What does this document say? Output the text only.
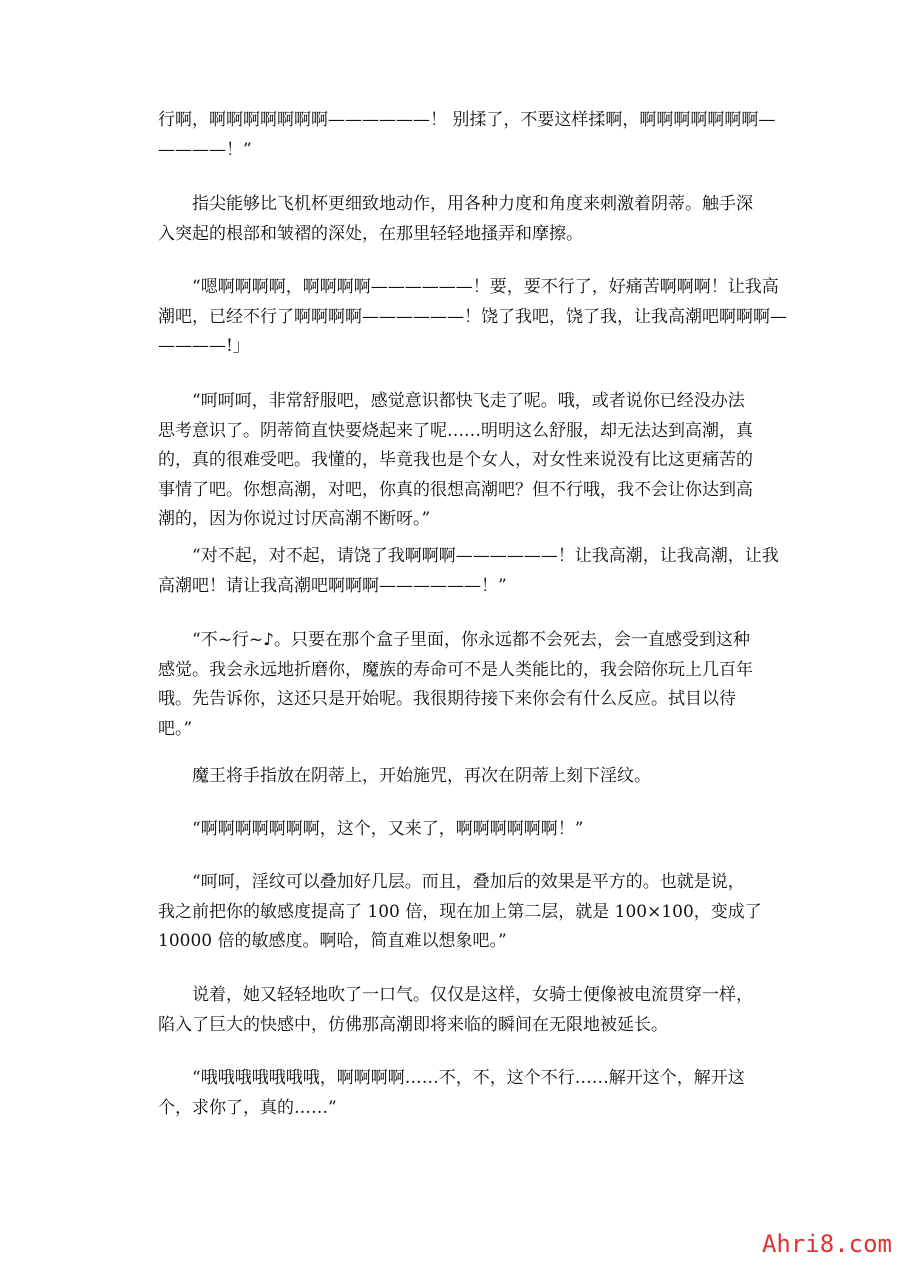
行啊，啊啊啊啊啊啊啊——————！ 别揉了，不要这样揉啊，啊啊啊啊啊啊啊—
————！”
　　指尖能够比飞机杯更细致地动作，用各种力度和角度来刺激着阴蒂。触手深
入突起的根部和皱褶的深处，在那里轻轻地搔弄和摩擦。
　　“嗯啊啊啊啊，啊啊啊啊——————！要，要不行了，好痛苦啊啊啊！让我高
潮吧，已经不行了啊啊啊啊——————！饶了我吧，饶了我，让我高潮吧啊啊啊—
————!」
　　“呵呵呵，非常舒服吧，感觉意识都快飞走了呢。哦，或者说你已经没办法
思考意识了。阴蒂简直快要烧起来了呢……明明这么舒服，却无法达到高潮，真
的，真的很难受吧。我懂的，毕竟我也是个女人，对女性来说没有比这更痛苦的
事情了吧。你想高潮，对吧，你真的很想高潮吧？但不行哦，我不会让你达到高
潮的，因为你说过讨厌高潮不断呀。”
　　“对不起，对不起，请饶了我啊啊啊——————！让我高潮，让我高潮，让我
高潮吧！请让我高潮吧啊啊啊——————！”
　　“不~行~♪。只要在那个盒子里面，你永远都不会死去，会一直感受到这种
感觉。我会永远地折磨你，魔族的寿命可不是人类能比的，我会陪你玩上几百年
哦。先告诉你，这还只是开始呢。我很期待接下来你会有什么反应。拭目以待
吧。”
　　魔王将手指放在阴蒂上，开始施咒，再次在阴蒂上刻下淫纹。
　　“啊啊啊啊啊啊啊，这个，又来了，啊啊啊啊啊啊！”
　　“呵呵，淫纹可以叠加好几层。而且，叠加后的效果是平方的。也就是说，
我之前把你的敏感度提高了 100 倍，现在加上第二层，就是 100×100，变成了
10000 倍的敏感度。啊哈，简直难以想象吧。”
　　说着，她又轻轻地吹了一口气。仅仅是这样，女骑士便像被电流贯穿一样，
陷入了巨大的快感中，仿佛那高潮即将来临的瞬间在无限地被延长。
　　“哦哦哦哦哦哦哦，啊啊啊啊……不，不，这个不行……解开这个，解开这
个，求你了，真的……”
Ahri8.com
